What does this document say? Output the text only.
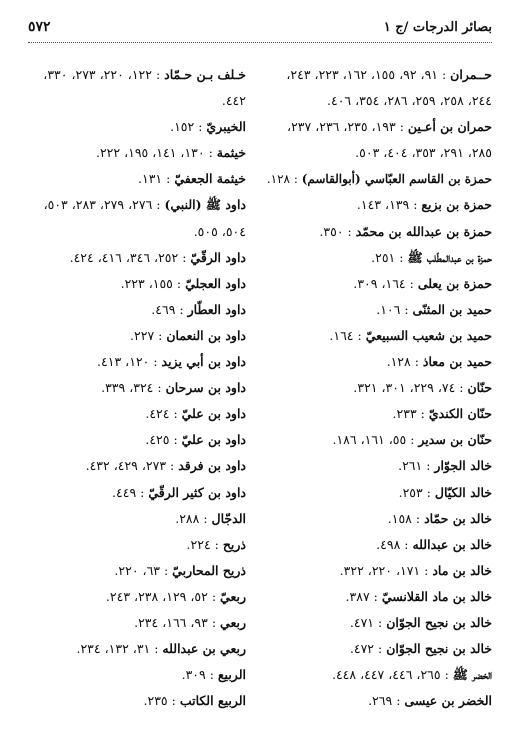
بصائر الدرجات /ج ١
٥٧٢
حــمران : ٩١، ٩٢، ١٥٥، ١٦٢، ٢٢٣، ٢٤٣،
٢٤٤، ٢٥٨، ٢٥٩، ٢٨٦، ٣٥٤، ٤٠٦.
حمران بن أعـين : ١٩٣، ٢٣٥، ٢٣٦، ٢٣٧،
٢٨٥، ٢٩١، ٣٥٣، ٤٠٤، ٥٠٣.
حمزة بن القاسم العبّاسي (أبوالقاسم) : ١٢٨.
حمزة بن بزيع : ١٣٩، ١٤٣.
حمزة بن عبدالله بن محمّد : ٣٥٠.
حمزة بن عبدالمطّلب ﷺ : ٢٥١.
حمزة بن يعلى : ١٦٤، ٣٠٩.
حميد بن المثنّى : ١٠٦.
حميد بن شعيب السبيعيّ : ١٦٤.
حميد بن معاذ : ١٢٨.
حنّان : ٧٤، ٢٢٩، ٣٠١، ٣٢١.
حنّان الكنديّ : ٢٣٣.
حنّان بن سدير : ٥٥، ١٦١، ١٨٦.
خالد الجوّار : ٢٦١.
خالد الكيّال : ٢٥٣.
خالد بن حمّاد : ١٥٨.
خالد بن عبدالله : ٤٩٨.
خالد بن ماد : ١٧١، ٢٢٠، ٣٢٢.
خالد بن ماد القلانسيّ : ٣٨٧.
خالد بن نجيح الجوّان : ٤٧١.
خالد بن نجيح الجوّان : ٤٧٢.
الخضر ﷺ : ٢٦٥، ٤٤٦، ٤٤٧، ٤٤٨.
الخضر بن عيسى : ٢٦٩.
خـلف بـن حـمّاد : ١٢٢، ٢٢٠، ٢٧٣، ٣٣٠،
٤٤٢.
الخيبريّ : ١٥٢.
خيثمة : ١٣٠، ١٤١، ١٩٥، ٢٢٢.
خيثمة الجعفيّ : ١٣١.
داود ﷺ (النبي) : ٢٧٦، ٢٧٩، ٢٨٣، ٥٠٣،
٥٠٤، ٥٠٥.
داود الرقّيّ : ٢٥٢، ٣٤٦، ٤١٦، ٤٢٤.
داود العجليّ : ١٥٥، ٢٢٣.
داود العطّار : ٤٦٩.
داود بن النعمان : ٢٢٧.
داود بن أبي يزيد : ١٢٠، ٤١٣.
داود بن سرحان : ٣٢٤، ٣٣٩.
داود بن عليّ : ٤٢٤.
داود بن عليّ : ٤٢٥.
داود بن فرقد : ٢٧٣، ٤٢٩، ٤٣٢.
داود بن كثير الرقّيّ : ٤٤٩.
الدجّال : ٢٨٨.
ذريح : ٢٢٤.
ذريح المحاربيّ : ٦٣، ٢٢٠.
ربعيّ : ٥٢، ١٢٩، ٢٣٨، ٢٤٣.
ربعي : ٩٣، ١٦٦، ٢٣٤.
ربعي بن عبدالله : ٣١، ١٣٢، ٢٣٤.
الربيع : ٣٠٩.
الربيع الكاتب : ٢٣٥.
